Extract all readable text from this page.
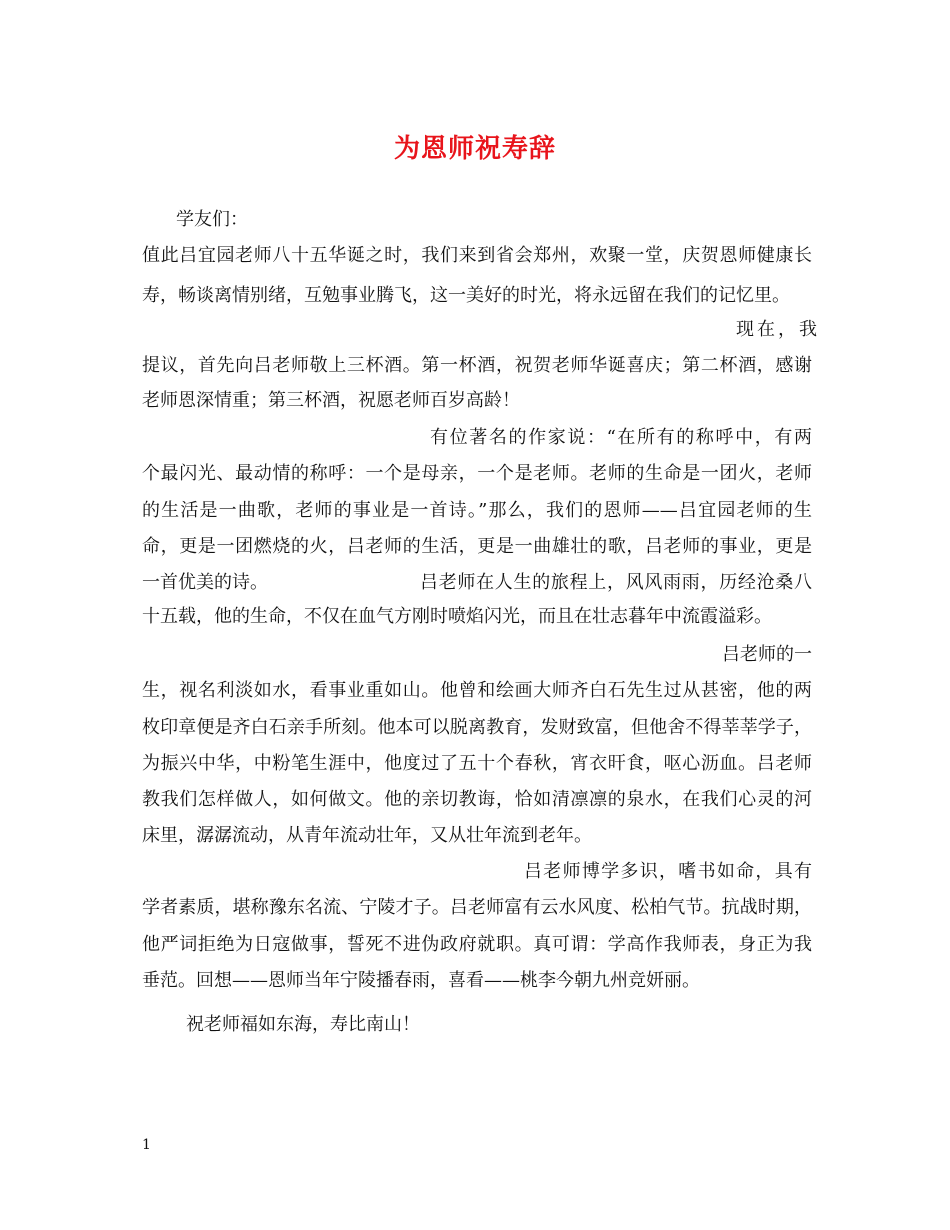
为恩师祝寿辞
学友们：
值此吕宜园老师八十五华诞之时，我们来到省会郑州，欢聚一堂，庆贺恩师健康长
寿，畅谈离情别绪，互勉事业腾飞，这一美好的时光，将永远留在我们的记忆里。
现在，我
提议，首先向吕老师敬上三杯酒。第一杯酒，祝贺老师华诞喜庆；第二杯酒，感谢
老师恩深情重；第三杯酒，祝愿老师百岁高龄！
有位著名的作家说：“在所有的称呼中，有两
个最闪光、最动情的称呼：一个是母亲，一个是老师。老师的生命是一团火，老师
的生活是一曲歌，老师的事业是一首诗。”那么，我们的恩师——吕宜园老师的生
命，更是一团燃烧的火，吕老师的生活，更是一曲雄壮的歌，吕老师的事业，更是
一首优美的诗。	吕老师在人生的旅程上，风风雨雨，历经沧桑八
十五载，他的生命，不仅在血气方刚时喷焰闪光，而且在壮志暮年中流霞溢彩。
吕老师的一
生，视名利淡如水，看事业重如山。他曾和绘画大师齐白石先生过从甚密，他的两
枚印章便是齐白石亲手所刻。他本可以脱离教育，发财致富，但他舍不得莘莘学子，
为振兴中华，中粉笔生涯中，他度过了五十个春秋，宵衣旰食，呕心沥血。吕老师
教我们怎样做人，如何做文。他的亲切教诲，恰如清凛凛的泉水，在我们心灵的河
床里，潺潺流动，从青年流动壮年，又从壮年流到老年。
吕老师博学多识，嗜书如命，具有
学者素质，堪称豫东名流、宁陵才子。吕老师富有云水风度、松柏气节。抗战时期，
他严词拒绝为日寇做事，誓死不进伪政府就职。真可谓：学高作我师表，身正为我
垂范。回想——恩师当年宁陵播春雨，喜看——桃李今朝九州竞妍丽。
祝老师福如东海，寿比南山！
1
